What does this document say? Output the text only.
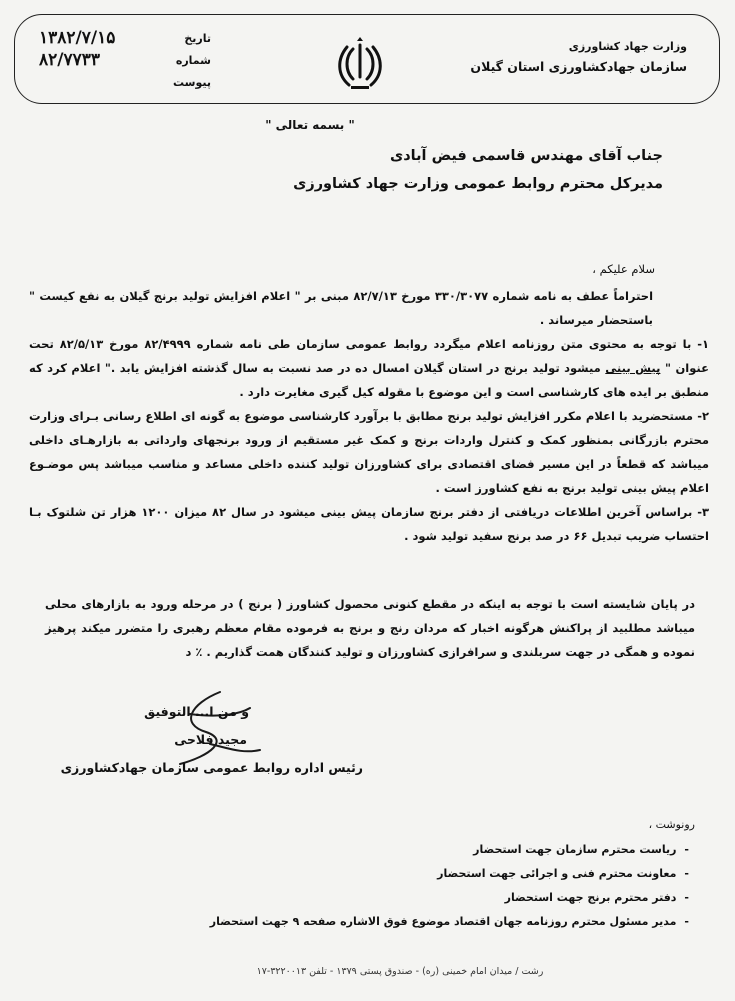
وزارت جهاد کشاورزی
سازمان جهادکشاورزی استان گیلان
تاریخ
۱۳۸۲/۷/۱۵
شماره
۸۲/۷۷۳۳
پیوست
" بسمه تعالی "
جناب آقای مهندس قاسمی فیض آبادی
مدیرکل محترم روابط عمومی وزارت جهاد کشاورزی
سلام علیکم ،

احتراماً عطف به نامه شماره ۳۳۰/۳۰۷۷ مورخ ۸۲/۷/۱۳ مبنی بر " اعلام افزایش تولید برنج گیلان به نفع کیست " باستحضار میرساند .

۱- با توجه به محتوی متن روزنامه اعلام میگردد روابط عمومی سازمان طی نامه شماره ۸۲/۴۹۹۹ مورخ ۸۲/۵/۱۳ تحت عنوان " پیش بینی میشود تولید برنج در استان گیلان امسال ده در صد نسبت به سال گذشته افزایش یابد ." اعلام کرد که منطبق بر ایده های کارشناسی است و این موضوع با مقوله کیل گیری مغایرت دارد .

۲- مستحضرید با اعلام مکرر افزایش تولید برنج مطابق با برآورد کارشناسی موضوع به گونه ای اطلاع رسانی بـرای وزارت محترم بازرگانی بمنظور کمک و کنترل واردات برنج و کمک غیر مستقیم از ورود برنجهای وارداتی به بازارهـای داخلی میباشد که قطعاً در این مسیر فضای اقتصادی برای کشاورزان تولید کننده داخلی مساعد و مناسب میباشد پس موضـوع اعلام پیش بینی تولید برنج به نفع کشاورز است .

۳- براساس آخرین اطلاعات دریافتی از دفتر برنج سازمان پیش بینی میشود در سال ۸۲ میزان ۱۲۰۰ هزار تن شلتوک بـا احتساب ضریب تبدیل ۶۶ در صد برنج سفید تولید شود .

در پایان شایسته است با توجه به اینکه در مقطع کنونی محصول کشاورز ( برنج ) در مرحله ورود به بازارهای محلی میباشد مطلبید از پراکنش هرگونه اخبار که مردان رنج و برنج به فرموده مقام معظم رهبری را متضرر میکند پرهیز نموده و همگی در جهت سربلندی و سرافرازی کشاورزان و تولید کنندگان همت گذاریم . ٪ د
و من ا... التوفیق
مجید فلاحی
رئیس اداره روابط عمومی سازمان جهادکشاورزی
رونوشت ،
- ریاست محترم سازمان جهت استحضار
- معاونت محترم فنی و اجرائی جهت استحضار
- دفتر محترم برنج جهت استحضار
- مدیر مسئول محترم روزنامه جهان اقتصاد موضوع فوق الاشاره صفحه ۹ جهت استحضار
رشت / میدان امام خمینی (ره) - صندوق پستی ۱۳۷۹ - تلفن ۳۲۲۰۰۱۳-۱۷
